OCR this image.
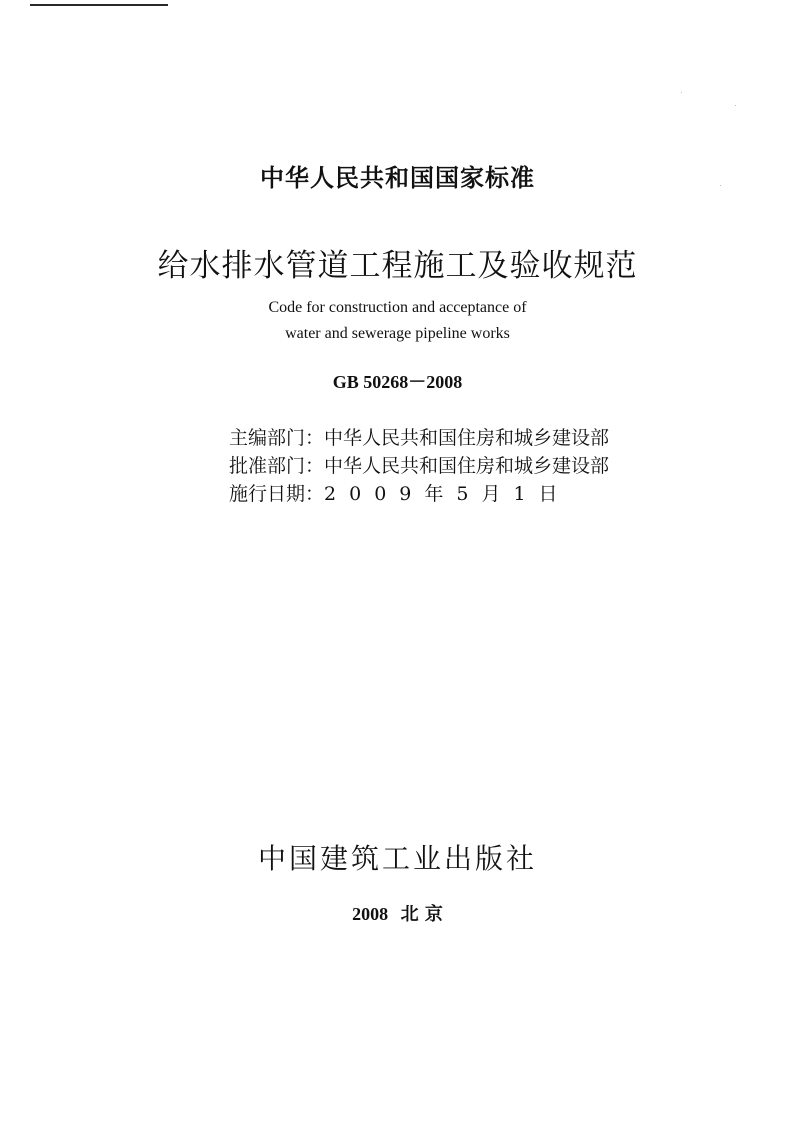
中华人民共和国国家标准
给水排水管道工程施工及验收规范
Code for construction and acceptance of
water and sewerage pipeline works
GB 50268－2008
主编部门：中华人民共和国住房和城乡建设部
批准部门：中华人民共和国住房和城乡建设部
施行日期：2009年5月1日
中国建筑工业出版社
2008 北 京
